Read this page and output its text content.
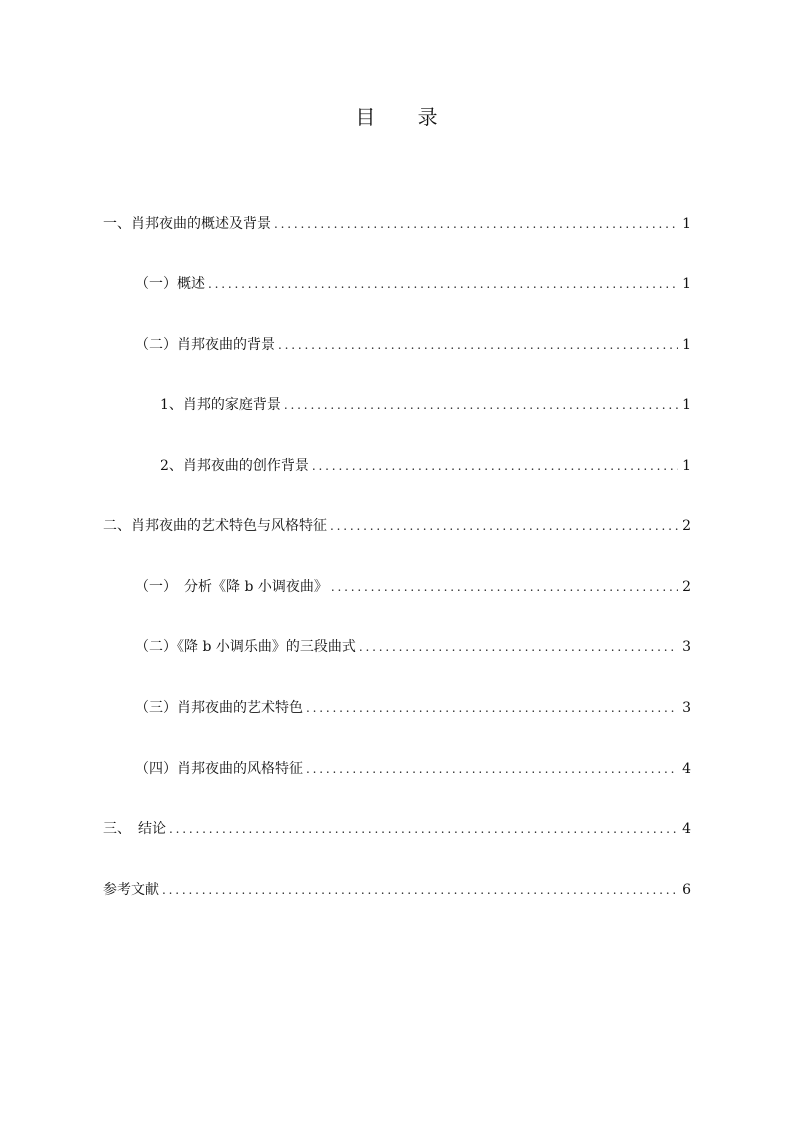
目 录
一、肖邦夜曲的概述及背景 . . .	1
（一）概述 . . .	1
（二）肖邦夜曲的背景 . . .	1
1、肖邦的家庭背景 . . .	1
2、肖邦夜曲的创作背景 . . .	1
二、肖邦夜曲的艺术特色与风格特征 . . .	2
（一）　分析《降 b 小调夜曲》 . . .	2
（二）《降 b 小调乐曲》的三段曲式 . . .	3
（三）肖邦夜曲的艺术特色 . . .	3
（四）肖邦夜曲的风格特征 . . .	4
三、　结论 . . .	4
参考文献 . . .	6
